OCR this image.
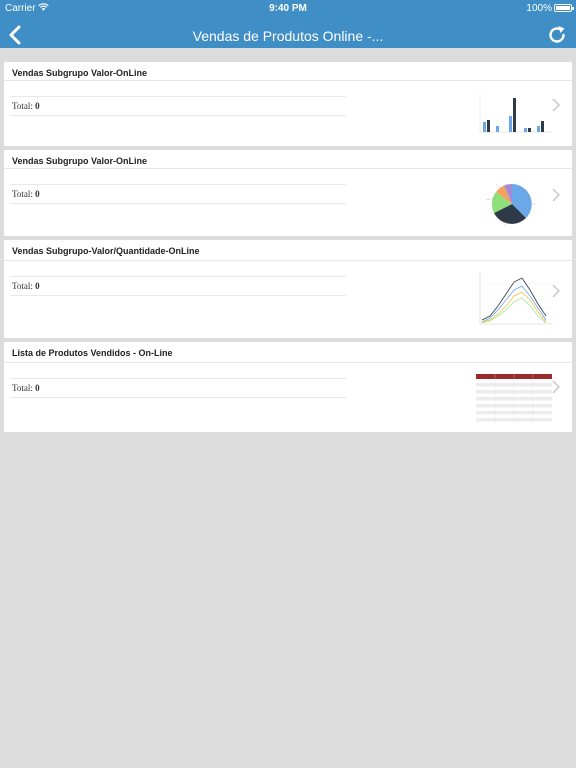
Carrier	9:40 PM	100%
Vendas de Produtos Online -...
Vendas Subgrupo Valor-OnLine
Total: 0
Vendas Subgrupo Valor-OnLine
Total: 0
Vendas Subgrupo-Valor/Quantidade-OnLine
Total: 0
Lista de Produtos Vendidos - On-Line
Total: 0
